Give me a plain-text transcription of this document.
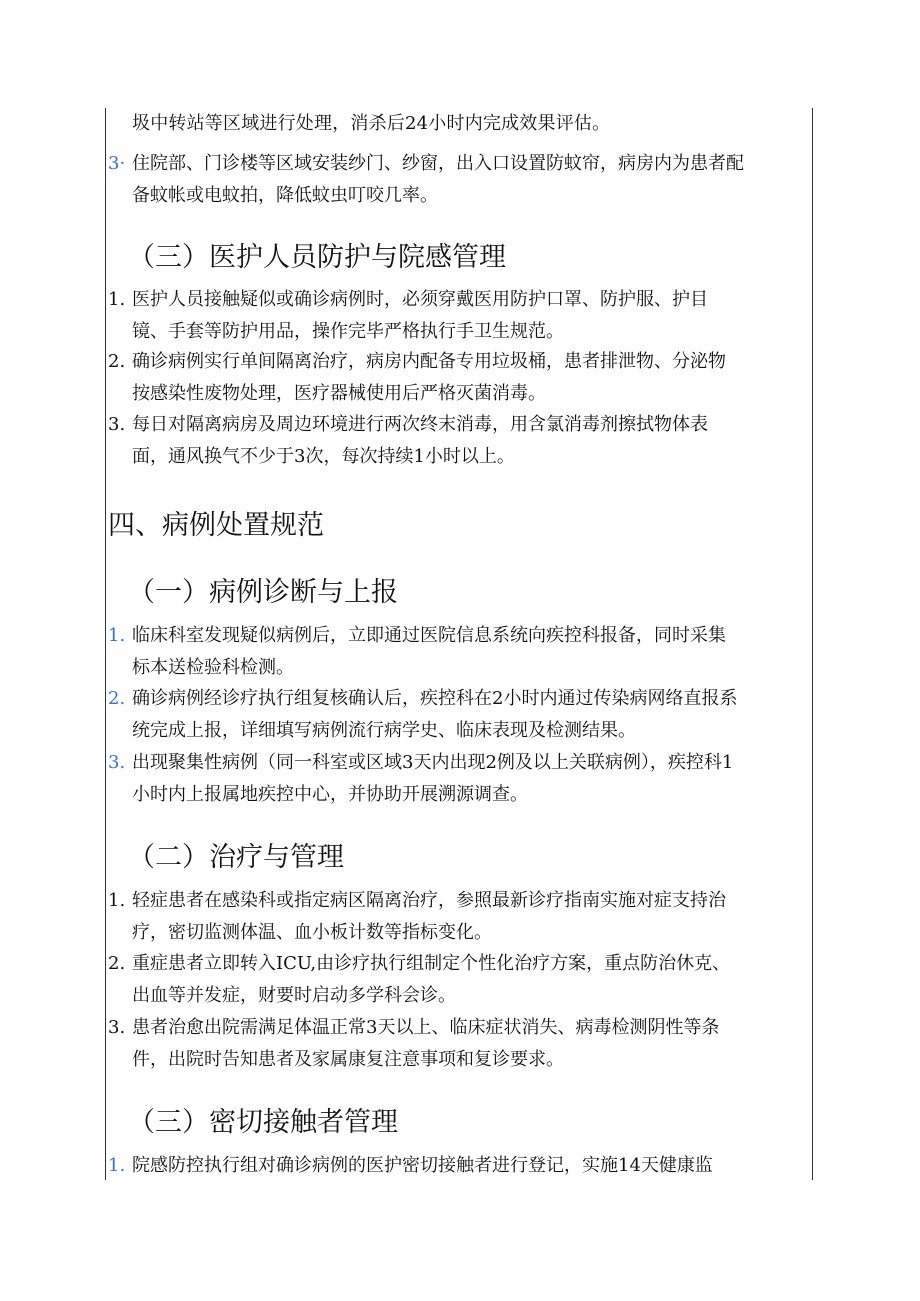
圾中转站等区域进行处理，消杀后24小时内完成效果评估。
3· 住院部、门诊楼等区域安装纱门、纱窗，出入口设置防蚊帘，病房内为患者配
备蚊帐或电蚊拍，降低蚊虫叮咬几率。
（三）医护人员防护与院感管理
1. 医护人员接触疑似或确诊病例时，必须穿戴医用防护口罩、防护服、护目
镜、手套等防护用品，操作完毕严格执行手卫生规范。
2. 确诊病例实行单间隔离治疗，病房内配备专用垃圾桶，患者排泄物、分泌物
按感染性废物处理，医疗器械使用后严格灭菌消毒。
3. 每日对隔离病房及周边环境进行两次终末消毒，用含氯消毒剂擦拭物体表
面，通风换气不少于3次，每次持续1小时以上。
四、病例处置规范
（一）病例诊断与上报
1. 临床科室发现疑似病例后，立即通过医院信息系统向疾控科报备，同时采集
标本送检验科检测。
2. 确诊病例经诊疗执行组复核确认后，疾控科在2小时内通过传染病网络直报系
统完成上报，详细填写病例流行病学史、临床表现及检测结果。
3. 出现聚集性病例（同一科室或区域3天内出现2例及以上关联病例），疾控科1
小时内上报属地疾控中心，并协助开展溯源调查。
（二）治疗与管理
1. 轻症患者在感染科或指定病区隔离治疗，参照最新诊疗指南实施对症支持治
疗，密切监测体温、血小板计数等指标变化。
2. 重症患者立即转入ICU,由诊疗执行组制定个性化治疗方案，重点防治休克、
出血等并发症，财要时启动多学科会诊。
3. 患者治愈出院需满足体温正常3天以上、临床症状消失、病毒检测阴性等条
件，出院时告知患者及家属康复注意事项和复诊要求。
（三）密切接触者管理
1. 院感防控执行组对确诊病例的医护密切接触者进行登记，实施14天健康监
